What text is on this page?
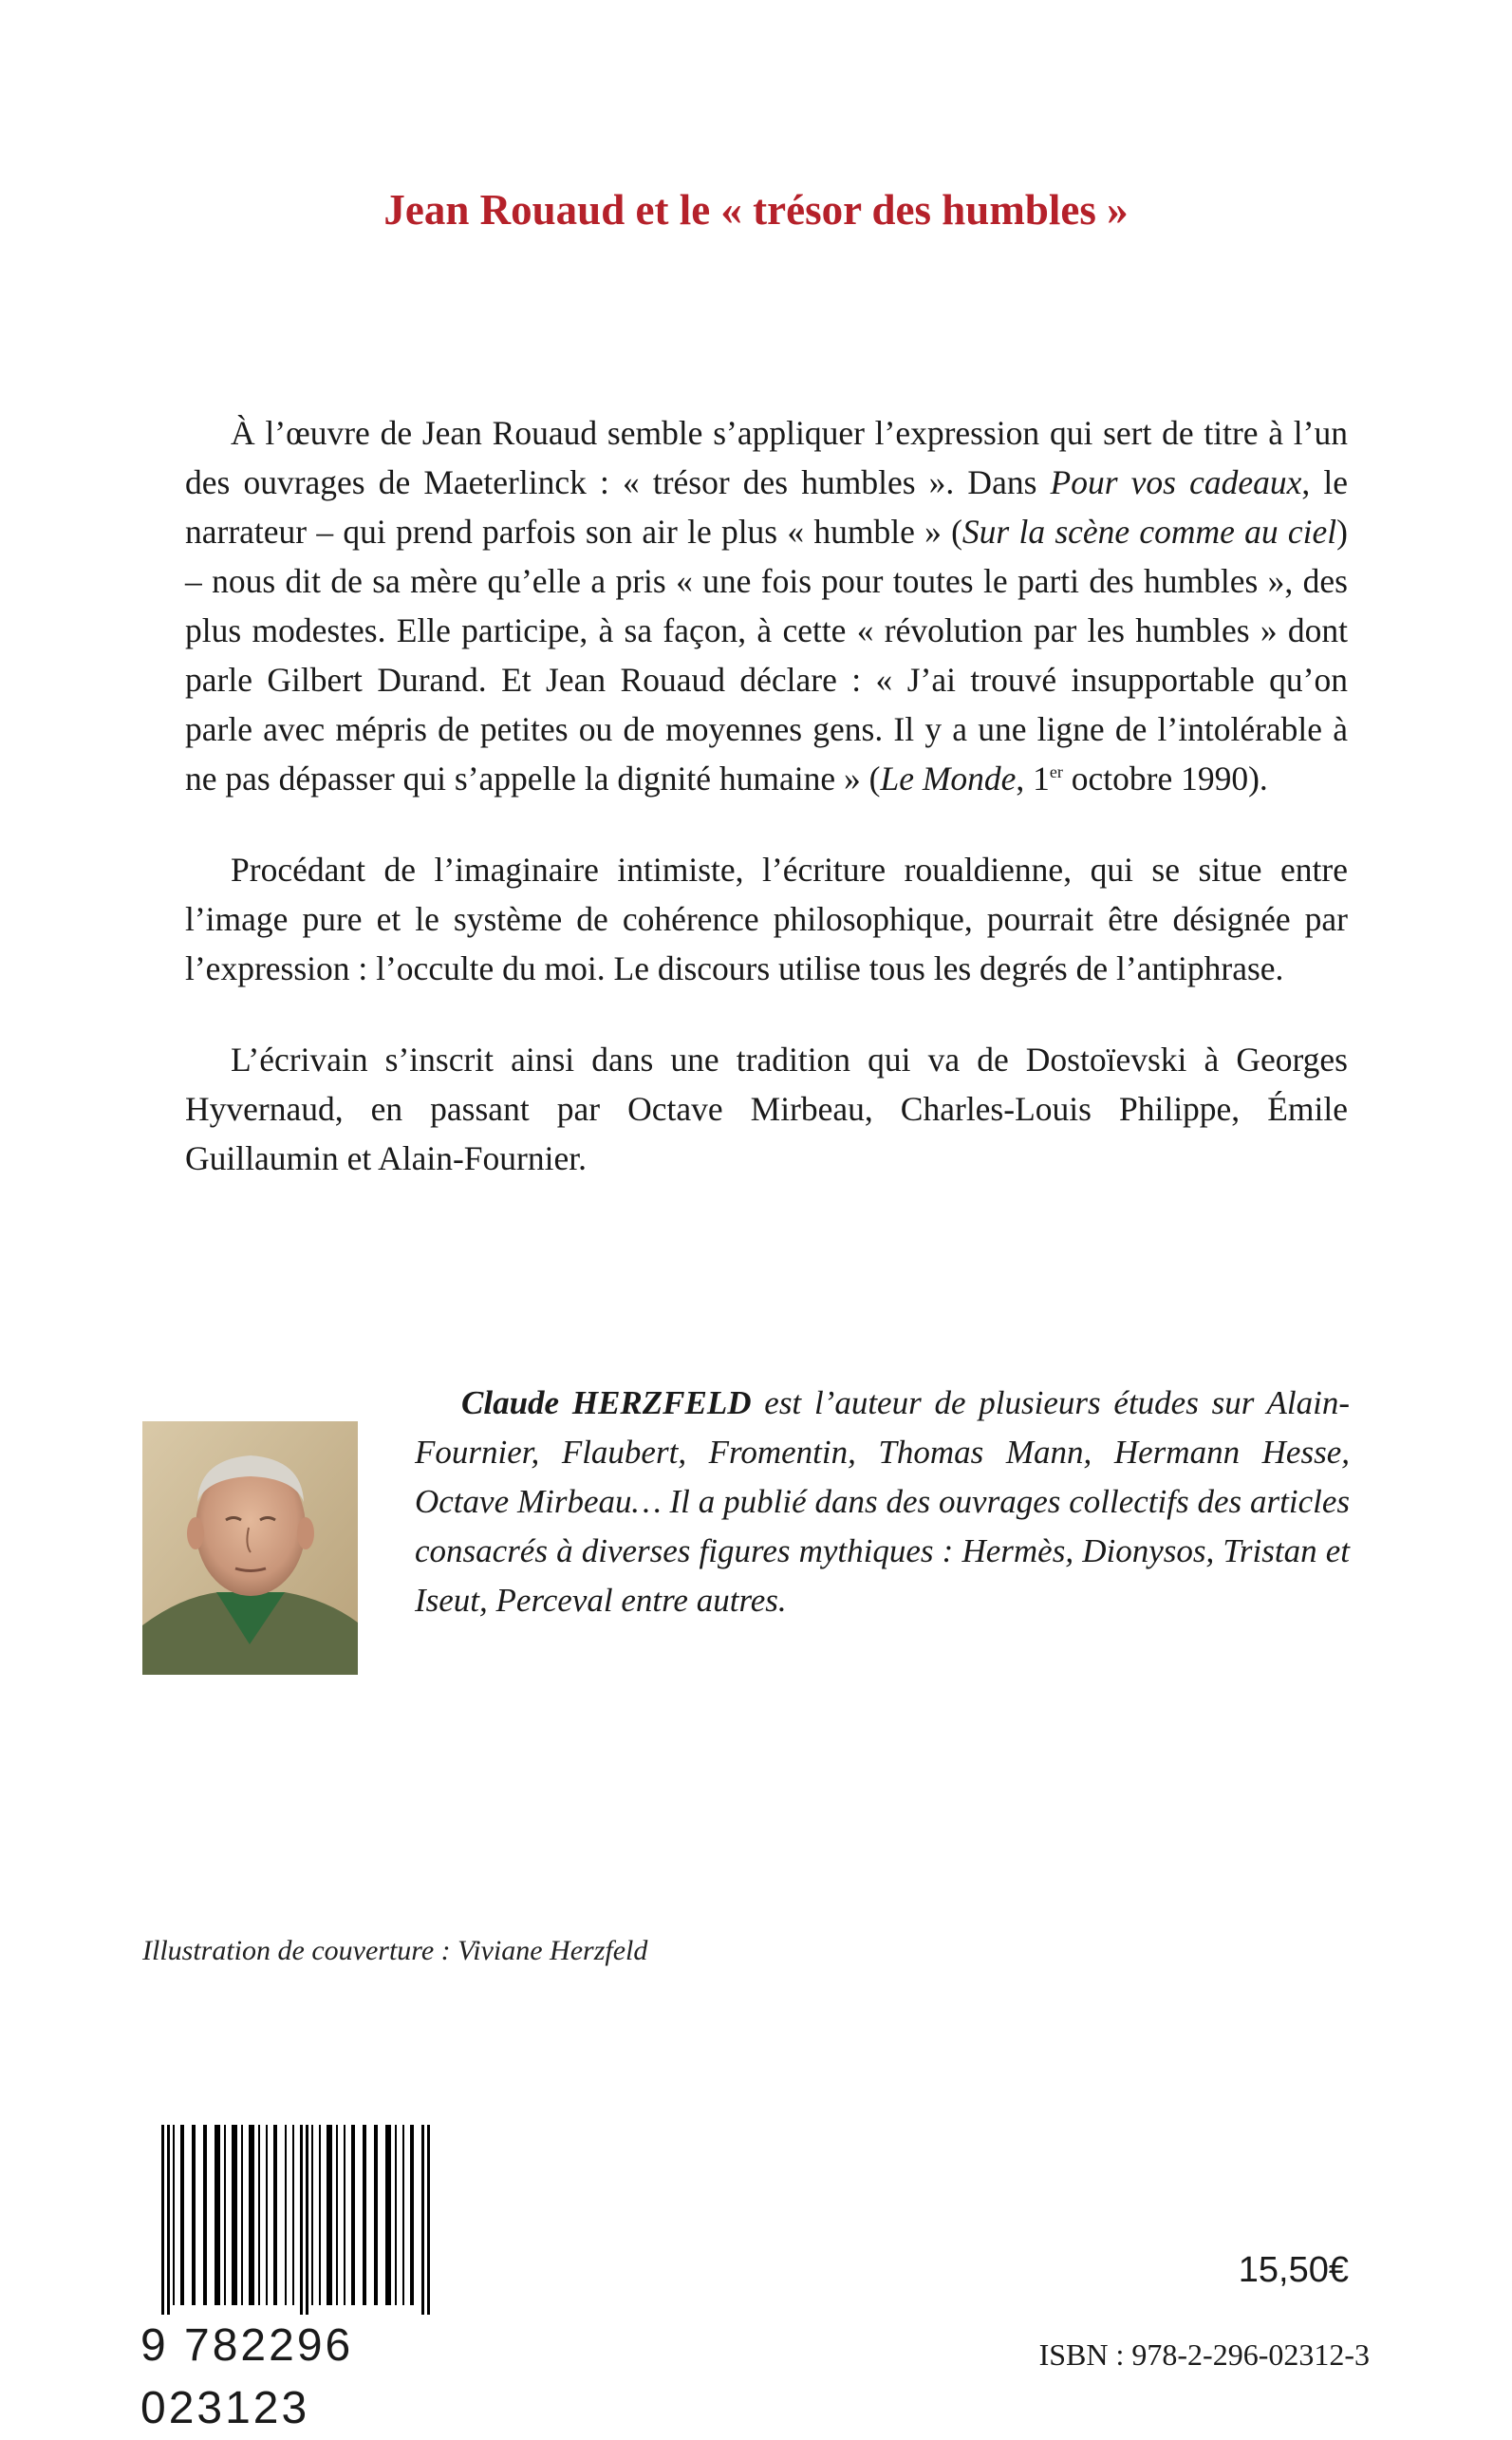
Jean Rouaud et le « trésor des humbles »

À l’œuvre de Jean Rouaud semble s’appliquer l’expression qui sert de titre à l’un des ouvrages de Maeterlinck : « trésor des humbles ». Dans Pour vos cadeaux, le narrateur – qui prend parfois son air le plus « humble » (Sur la scène comme au ciel) – nous dit de sa mère qu’elle a pris « une fois pour toutes le parti des humbles », des plus modestes. Elle participe, à sa façon, à cette « révolution par les humbles » dont parle Gilbert Durand. Et Jean Rouaud déclare : « J’ai trouvé insupportable qu’on parle avec mépris de petites ou de moyennes gens. Il y a une ligne de l’intolérable à ne pas dépasser qui s’appelle la dignité humaine » (Le Monde, 1er octobre 1990).

Procédant de l’imaginaire intimiste, l’écriture roualdienne, qui se situe entre l’image pure et le système de cohérence philosophique, pourrait être désignée par l’expression : l’occulte du moi. Le discours utilise tous les degrés de l’antiphrase.

L’écrivain s’inscrit ainsi dans une tradition qui va de Dostoïevski à Georges Hyvernaud, en passant par Octave Mirbeau, Charles-Louis Philippe, Émile Guillaumin et Alain-Fournier.

Claude HERZFELD est l’auteur de plusieurs études sur Alain-Fournier, Flaubert, Fromentin, Thomas Mann, Hermann Hesse, Octave Mirbeau… Il a publié dans des ouvrages collectifs des articles consacrés à diverses figures mythiques : Hermès, Dionysos, Tristan et Iseut, Perceval entre autres.
Illustration de couverture : Viviane Herzfeld
9 782296 023123
15,50€
ISBN : 978-2-296-02312-3
